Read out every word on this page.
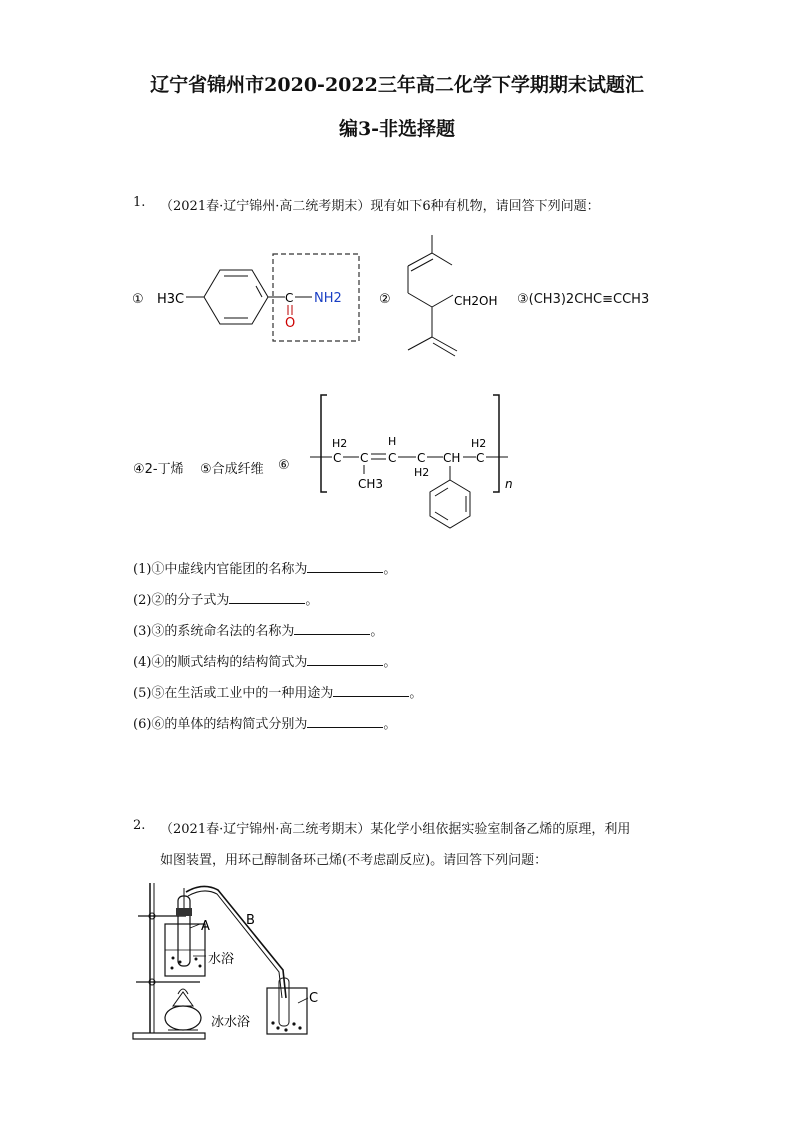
辽宁省锦州市2020-2022三年高二化学下学期期末试题汇
编3-非选择题
1. （2021春·辽宁锦州·高二统考期末）现有如下6种有机物，请回答下列问题：
① H3C	C NH2
O
②	CH2OH ③(CH3)2CHC≡CCH3
④2-丁烯 ⑤合成纤维 ⑥
H2
C C
CH3
H
C C
H2
CH
H2
C
n
(1)①中虚线内官能团的名称为	。
(2)②的分子式为	。
(3)③的系统命名法的名称为	。
(4)④的顺式结构的结构简式为	。
(5)⑤在生活或工业中的一种用途为	。
(6)⑥的单体的结构简式分别为	。
2. （2021春·辽宁锦州·高二统考期末）某化学小组依据实验室制备乙烯的原理，利用
如图装置，用环己醇制备环己烯(不考虑副反应)。请回答下列问题：
A	B
水浴
C
冰水浴
